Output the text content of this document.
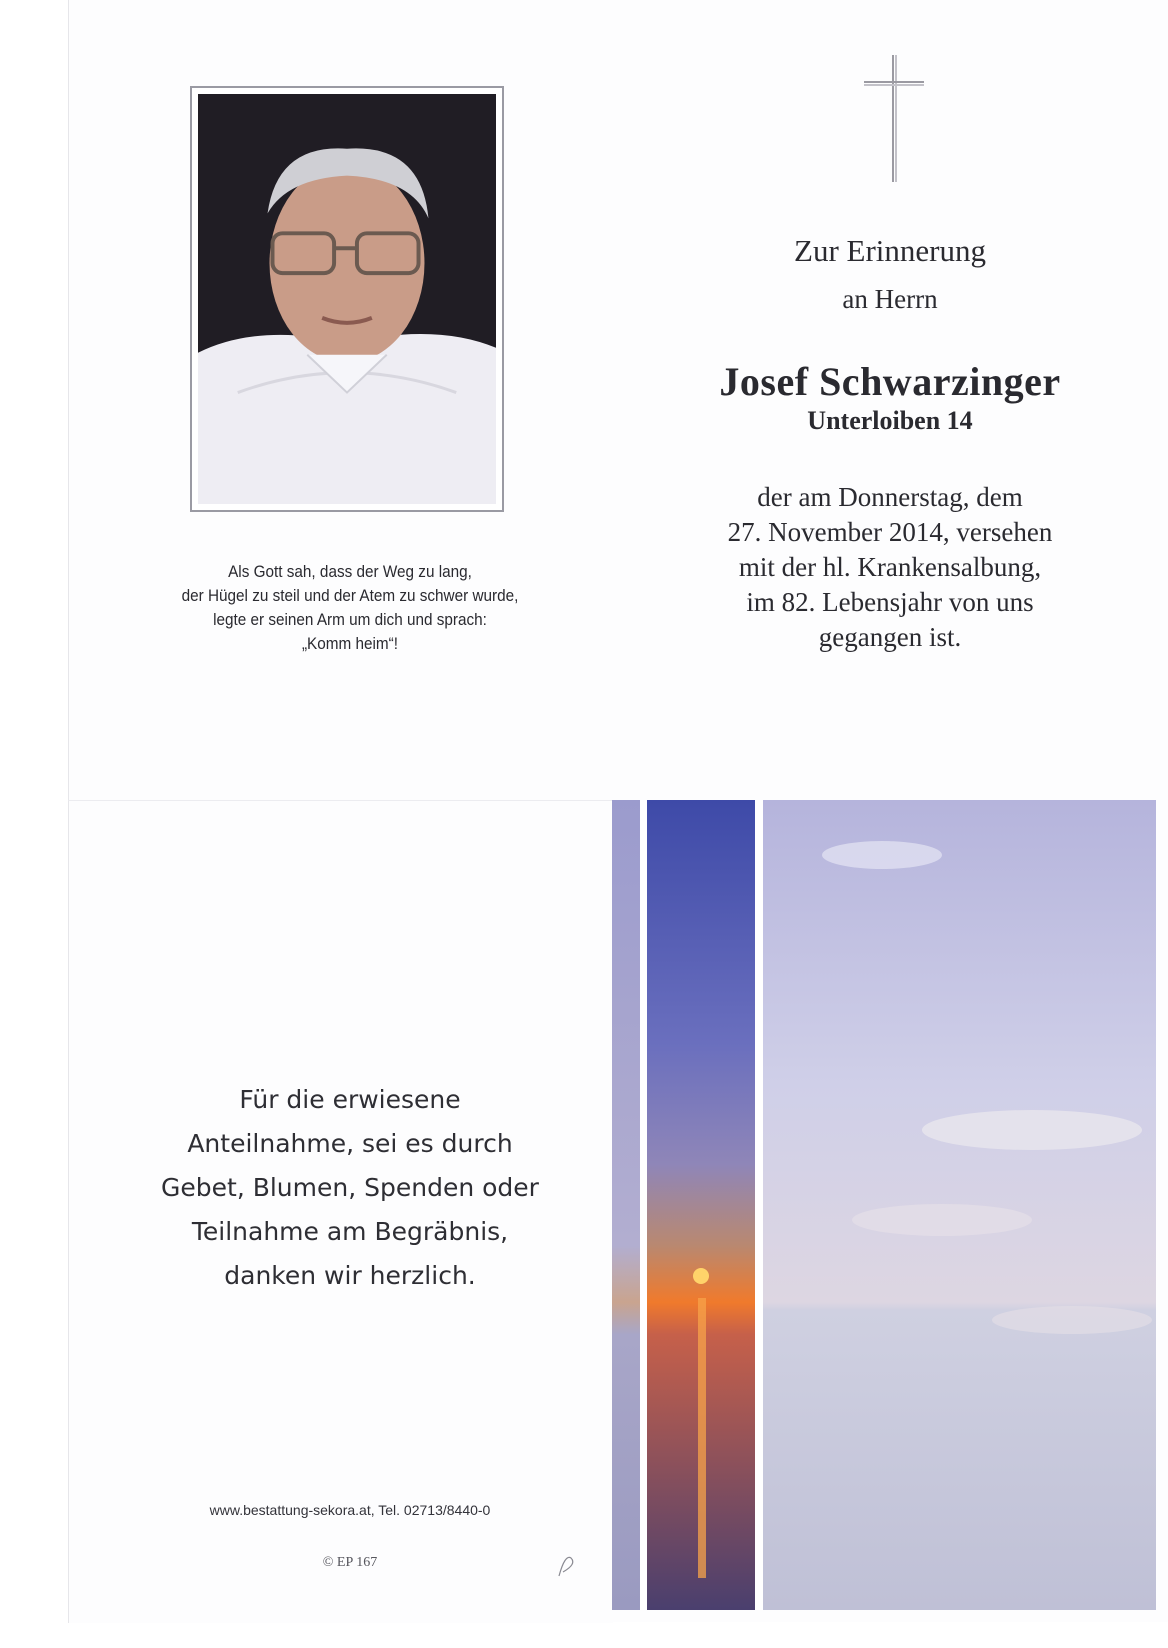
Als Gott sah, dass der Weg zu lang,
der Hügel zu steil und der Atem zu schwer wurde,
legte er seinen Arm um dich und sprach:
„Komm heim“!
Zur Erinnerung
an Herrn
Josef Schwarzinger
Unterloiben 14
der am Donnerstag, dem
27. November 2014, versehen
mit der hl. Krankensalbung,
im 82. Lebensjahr von uns
gegangen ist.
Für die erwiesene
Anteilnahme, sei es durch
Gebet, Blumen, Spenden oder
Teilnahme am Begräbnis,
danken wir herzlich.
www.bestattung-sekora.at, Tel. 02713/8440-0
© EP 167
